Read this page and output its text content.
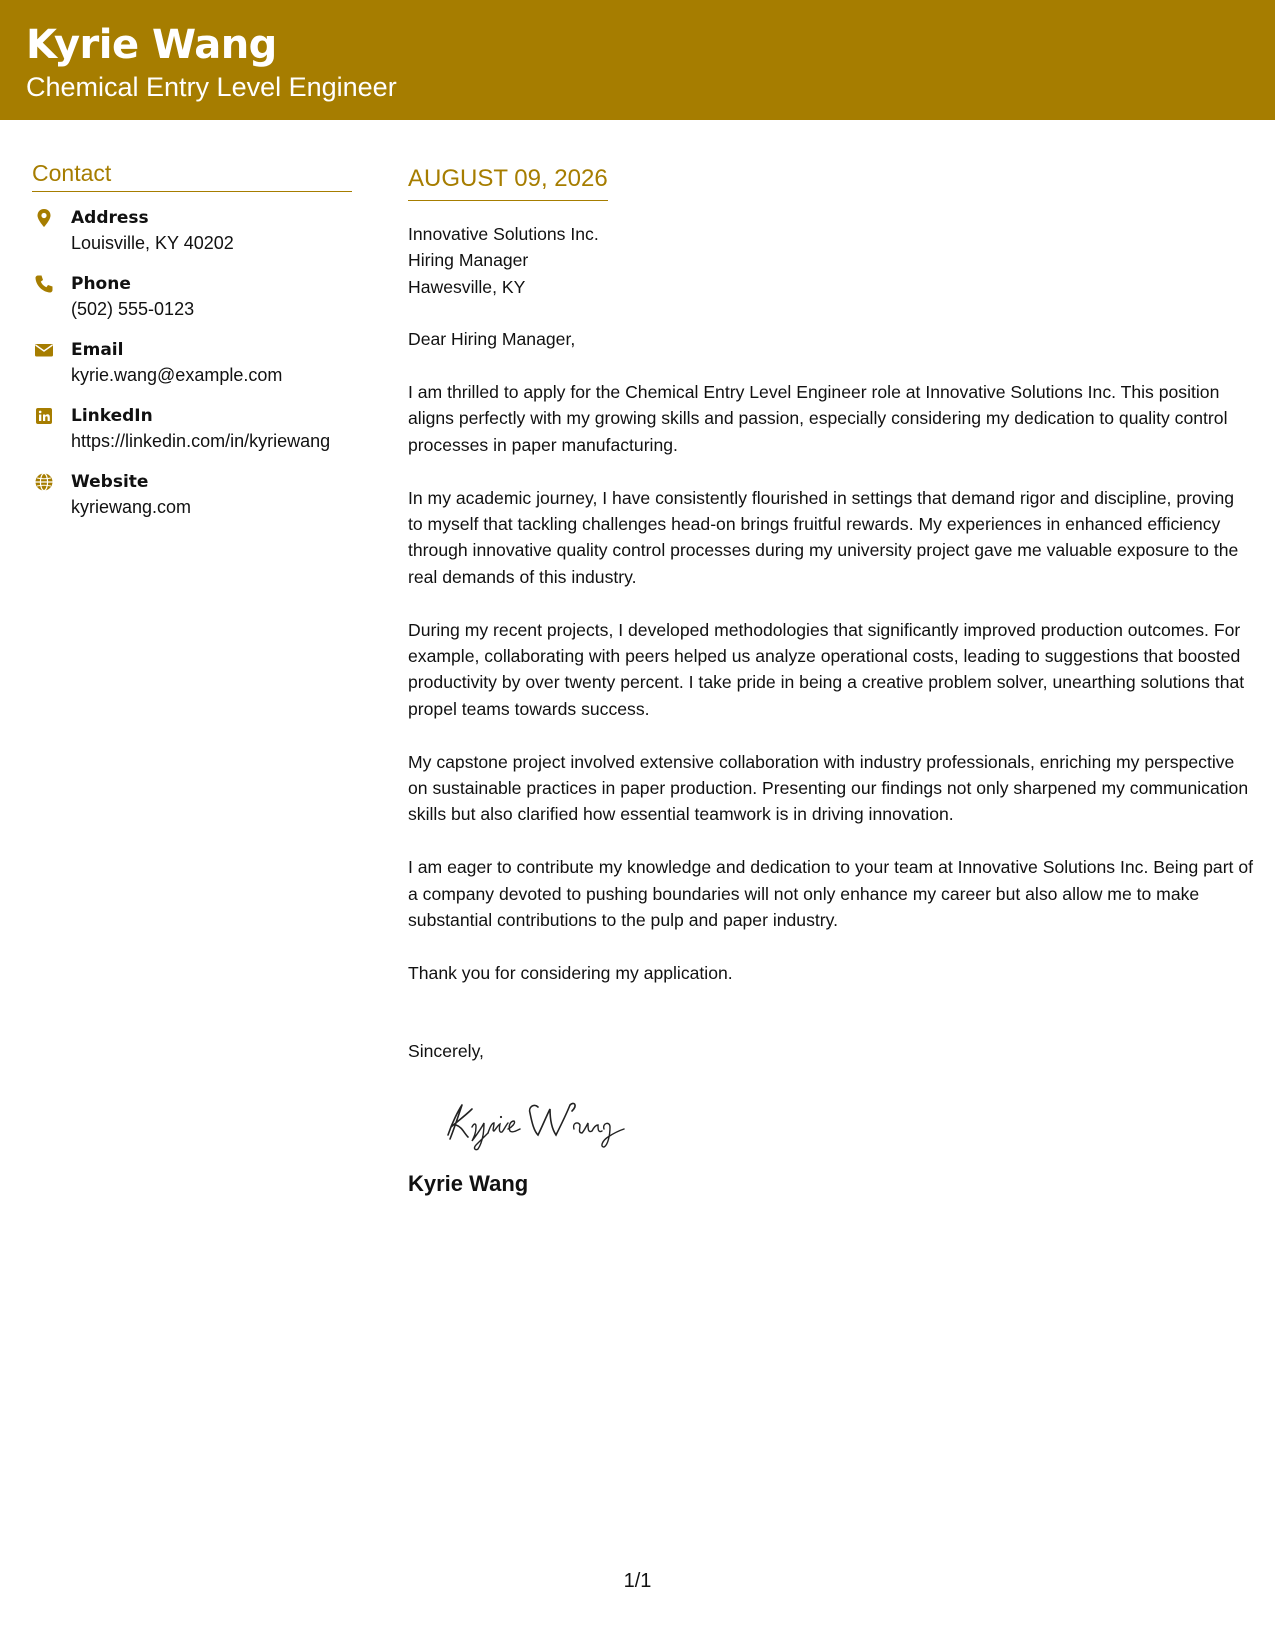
Kyrie Wang
Chemical Entry Level Engineer
Contact
Address
Louisville, KY 40202
Phone
(502) 555-0123
Email
kyrie.wang@example.com
LinkedIn
https://linkedin.com/in/kyriewang
Website
kyriewang.com
AUGUST 09, 2026
Innovative Solutions Inc.
Hiring Manager
Hawesville, KY
Dear Hiring Manager,

I am thrilled to apply for the Chemical Entry Level Engineer role at Innovative Solutions Inc. This position aligns perfectly with my growing skills and passion, especially considering my dedication to quality control processes in paper manufacturing.

In my academic journey, I have consistently flourished in settings that demand rigor and discipline, proving to myself that tackling challenges head-on brings fruitful rewards. My experiences in enhanced efficiency through innovative quality control processes during my university project gave me valuable exposure to the real demands of this industry.

During my recent projects, I developed methodologies that significantly improved production outcomes. For example, collaborating with peers helped us analyze operational costs, leading to suggestions that boosted productivity by over twenty percent. I take pride in being a creative problem solver, unearthing solutions that propel teams towards success.

My capstone project involved extensive collaboration with industry professionals, enriching my perspective on sustainable practices in paper production. Presenting our findings not only sharpened my communication skills but also clarified how essential teamwork is in driving innovation.

I am eager to contribute my knowledge and dedication to your team at Innovative Solutions Inc. Being part of a company devoted to pushing boundaries will not only enhance my career but also allow me to make substantial contributions to the pulp and paper industry.

Thank you for considering my application.

Sincerely,
Kyrie Wang
1/1
